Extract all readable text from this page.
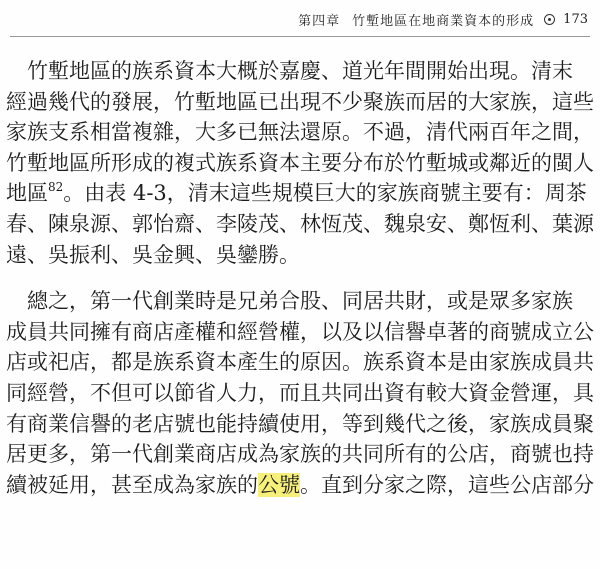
第四章 竹塹地區在地商業資本的形成 173
　竹塹地區的族系資本大概於嘉慶、道光年間開始出現。清末
經過幾代的發展，竹塹地區已出現不少聚族而居的大家族，這些
家族支系相當複雜，大多已無法還原。不過，清代兩百年之間，
竹塹地區所形成的複式族系資本主要分布於竹塹城或鄰近的閩人
地區$^{82}$。由表 4-3，清末這些規模巨大的家族商號主要有：周茶
春、陳泉源、郭怡齋、李陵茂、林恆茂、魏泉安、鄭恆利、葉源
遠、吳振利、吳金興、吳鑾勝。
　總之，第一代創業時是兄弟合股、同居共財，或是眾多家族
成員共同擁有商店產權和經營權，以及以信譽卓著的商號成立公
店或祀店，都是族系資本產生的原因。族系資本是由家族成員共
同經營，不但可以節省人力，而且共同出資有較大資金營運，具
有商業信譽的老店號也能持續使用，等到幾代之後，家族成員聚
居更多，第一代創業商店成為家族的共同所有的公店，商號也持
續被延用，甚至成為家族的公號。直到分家之際，這些公店部分
